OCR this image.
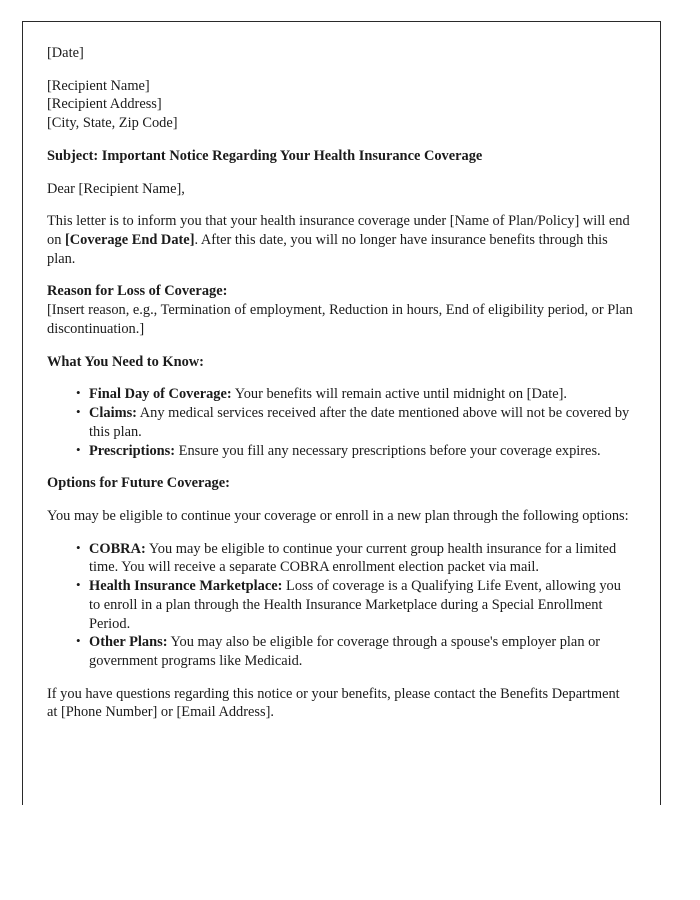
[Date]

[Recipient Name]

[Recipient Address]

[City, State, Zip Code]

Subject: Important Notice Regarding Your Health Insurance Coverage

Dear [Recipient Name],

This letter is to inform you that your health insurance coverage under [Name of Plan/Policy] will end on [Coverage End Date]. After this date, you will no longer have insurance benefits through this plan.

Reason for Loss of Coverage:

[Insert reason, e.g., Termination of employment, Reduction in hours, End of eligibility period, or Plan discontinuation.]

What You Need to Know:
• Final Day of Coverage: Your benefits will remain active until midnight on [Date].
• Claims: Any medical services received after the date mentioned above will not be covered by this plan.
• Prescriptions: Ensure you fill any necessary prescriptions before your coverage expires.
Options for Future Coverage:

You may be eligible to continue your coverage or enroll in a new plan through the following options:

• COBRA: You may be eligible to continue your current group health insurance for a limited time. You will receive a separate COBRA enrollment election packet via mail.
• Health Insurance Marketplace: Loss of coverage is a Qualifying Life Event, allowing you to enroll in a plan through the Health Insurance Marketplace during a Special Enrollment Period.
• Other Plans: You may also be eligible for coverage through a spouse's employer plan or government programs like Medicaid.

If you have questions regarding this notice or your benefits, please contact the Benefits Department at [Phone Number] or [Email Address].
